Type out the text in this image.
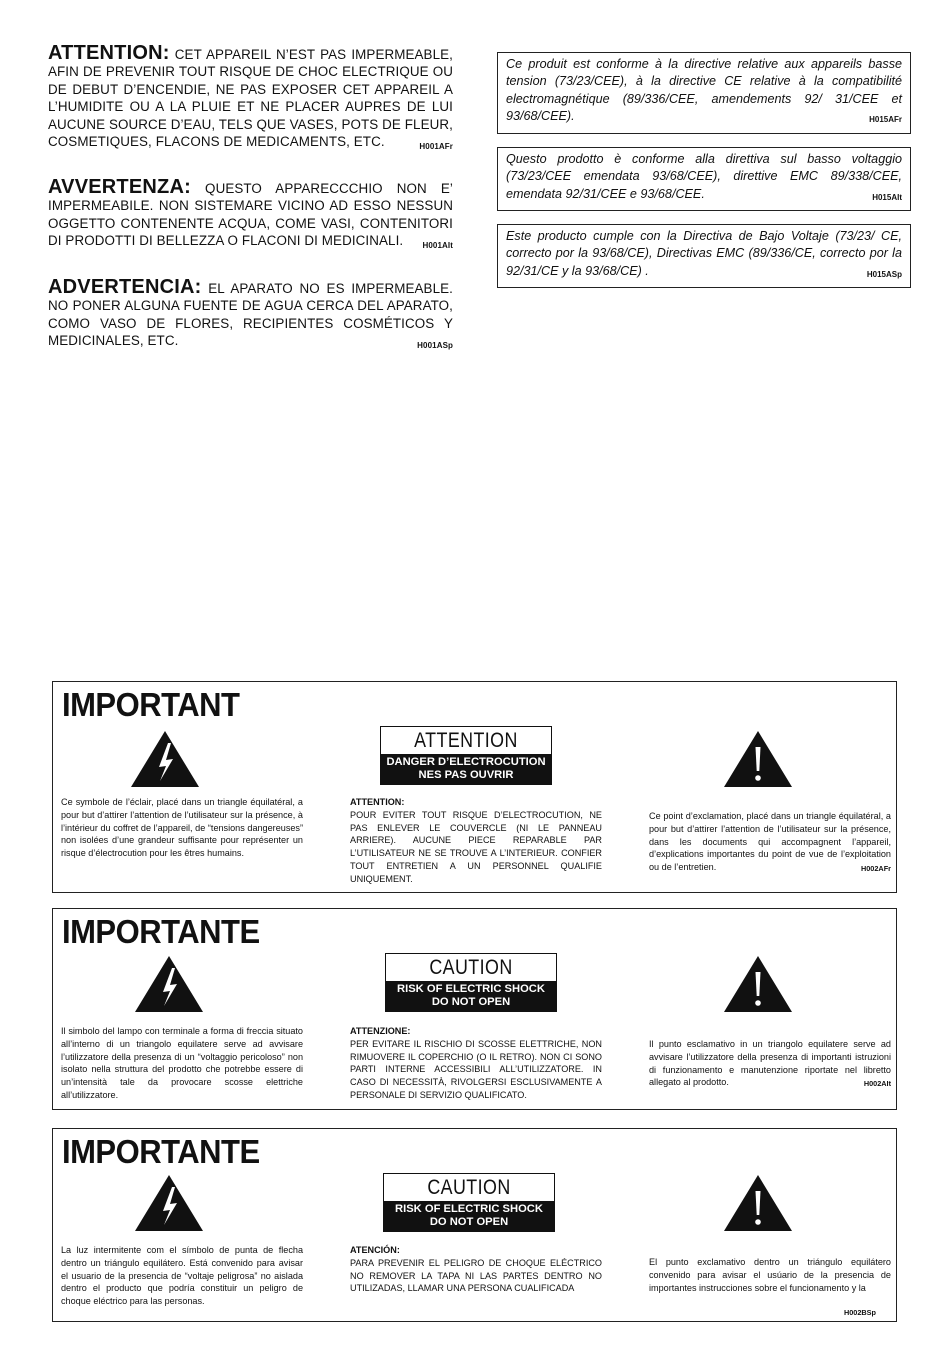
ATTENTION: CET APPAREIL N’EST PAS IMPERMEABLE, AFIN DE PREVENIR TOUT RISQUE DE CHOC ELECTRIQUE OU DE DEBUT D’ENCENDIE, NE PAS EXPOSER CET APPAREIL A L’HUMIDITE OU A LA PLUIE ET NE PLACER AUPRES DE LUI AUCUNE SOURCE D’EAU, TELS QUE VASES, POTS DE FLEUR, COSMETIQUES, FLACONS DE MEDICAMENTS, ETC.	H001AFr
AVVERTENZA: QUESTO APPARECCCHIO NON E’ IMPERMEABILE. NON SISTEMARE VICINO AD ESSO NESSUN OGGETTO CONTENENTE ACQUA, COME VASI, CONTENITORI DI PRODOTTI DI BELLEZZA O FLACONI DI MEDICINALI. H001AIt
ADVERTENCIA: EL APARATO NO ES IMPERMEABLE. NO PONER ALGUNA FUENTE DE AGUA CERCA DEL APARATO, COMO VASO DE FLORES, RECIPIENTES COSMÉTICOS Y MEDICINALES, ETC.	H001ASp
Ce produit est conforme à la directive relative aux appareils basse tension (73/23/CEE), à la directive CE relative à la compatibilité electromagnétique (89/336/CEE, amendements 92/ 31/CEE et 93/68/CEE).	H015AFr
Questo prodotto è conforme alla direttiva sul basso voltaggio (73/23/CEE emendata 93/68/CEE), direttive EMC 89/338/CEE, emendata 92/31/CEE e 93/68/CEE.	H015AIt
Este producto cumple con la Directiva de Bajo Voltaje (73/23/ CE, correcto por la 93/68/CE), Directivas EMC (89/336/CE, correcto por la 92/31/CE y la 93/68/CE) .	H015ASp
IMPORTANT
ATTENTION
DANGER D’ELECTROCUTION
NES PAS OUVRIR
Ce symbole de l’éclair, placé dans un triangle équilatéral, a pour but d’attirer l’attention de l’utilisateur sur la présence, à l’intérieur du coffret de l’appareil, de “tensions dangereuses” non isolées d’une grandeur suffisante pour représenter un risque d’électrocution pour les êtres humains.
ATTENTION:
POUR EVITER TOUT RISQUE D’ELECTROCUTION, NE PAS ENLEVER LE COUVERCLE (NI LE PANNEAU ARRIERE). AUCUNE PIECE REPARABLE PAR L’UTILISATEUR NE SE TROUVE A L’INTERIEUR. CONFIER TOUT ENTRETIEN A UN PERSONNEL QUALIFIE UNIQUEMENT.
Ce point d’exclamation, placé dans un triangle équilatéral, a pour but d’attirer l’attention de l’utilisateur sur la présence, dans les documents qui accompagnent l’appareil, d’explications importantes du point de vue de l’exploitation ou de l’entretien.	H002AFr
IMPORTANTE
CAUTION
RISK OF ELECTRIC SHOCK
DO NOT OPEN
Il simbolo del lampo con terminale a forma di freccia situato all’interno di un triangolo equilatere serve ad avvisare l’utilizzatore della presenza di un “voltaggio pericoloso” non isolato nella struttura del prodotto che potrebbe essere di un’intensità tale da provocare scosse elettriche all’utilizzatore.
ATTENZIONE:
PER EVITARE IL RISCHIO DI SCOSSE ELETTRICHE, NON RIMUOVERE IL COPERCHIO (O IL RETRO). NON CI SONO PARTI INTERNE ACCESSIBILI ALL’UTILIZZATORE. IN CASO DI NECESSITÀ, RIVOLGERSI ESCLUSIVAMENTE A PERSONALE DI SERVIZIO QUALIFICATO.
Il punto esclamativo in un triangolo equilatere serve ad avvisare l’utilizzatore della presenza di importanti istruzioni di funzionamento e manutenzione riportate nel libretto allegato al prodotto.	H002AIt
IMPORTANTE
CAUTION
RISK OF ELECTRIC SHOCK
DO NOT OPEN
La luz intermitente com el símbolo de punta de flecha dentro un triángulo equilátero. Está convenido para avisar el usuario de la presencia de “voltaje peligrosa” no aislada dentro el producto que podría constituir un peligro de choque eléctrico para las personas.
ATENCIÓN:
PARA PREVENIR EL PELIGRO DE CHOQUE ELÉCTRICO NO REMOVER LA TAPA NI LAS PARTES DENTRO NO UTILIZADAS, LLAMAR UNA PERSONA CUALIFICADA
El punto exclamativo dentro un triángulo equilátero convenido para avisar el usúario de la presencia de importantes instrucciones sobre el funcionamento y la
H002BSp
